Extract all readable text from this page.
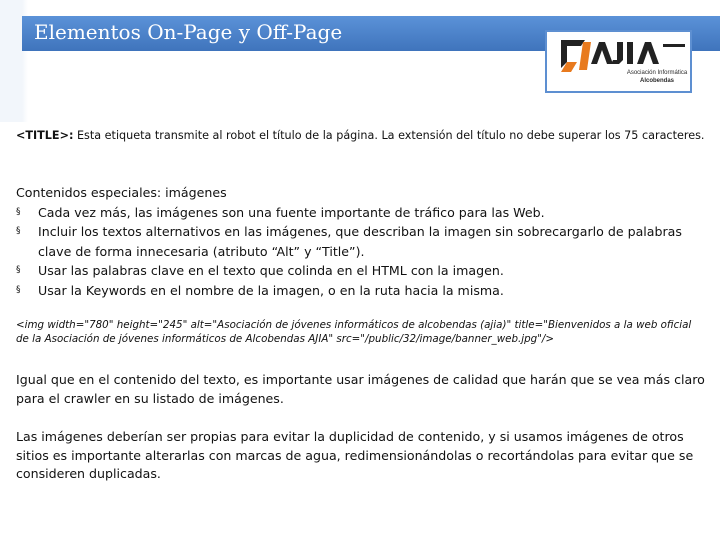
Elementos On-Page y Off-Page
Asociación Informática
Alcobendas
<TITLE>: Esta etiqueta transmite al robot el título de la página. La extensión del título no debe superar los 75 caracteres.
Contenidos especiales: imágenes
§ Cada vez más, las imágenes son una fuente importante de tráfico para las Web.
§ Incluir los textos alternativos en las imágenes, que describan la imagen sin sobrecargarlo de palabras clave de forma innecesaria (atributo “Alt” y “Title”).
§ Usar las palabras clave en el texto que colinda en el HTML con la imagen.
§ Usar la Keywords en el nombre de la imagen, o en la ruta hacia la misma.
<img width="780" height="245" alt="Asociación de jóvenes informáticos de alcobendas (ajia)" title="Bienvenidos a la web oficial de la Asociación de jóvenes informáticos de Alcobendas AJIA" src="/public/32/image/banner_web.jpg"/>
Igual que en el contenido del texto, es importante usar imágenes de calidad que harán que se vea más claro para el crawler en su listado de imágenes.
Las imágenes deberían ser propias para evitar la duplicidad de contenido, y si usamos imágenes de otros sitios es importante alterarlas con marcas de agua, redimensionándolas o recortándolas para evitar que se consideren duplicadas.
